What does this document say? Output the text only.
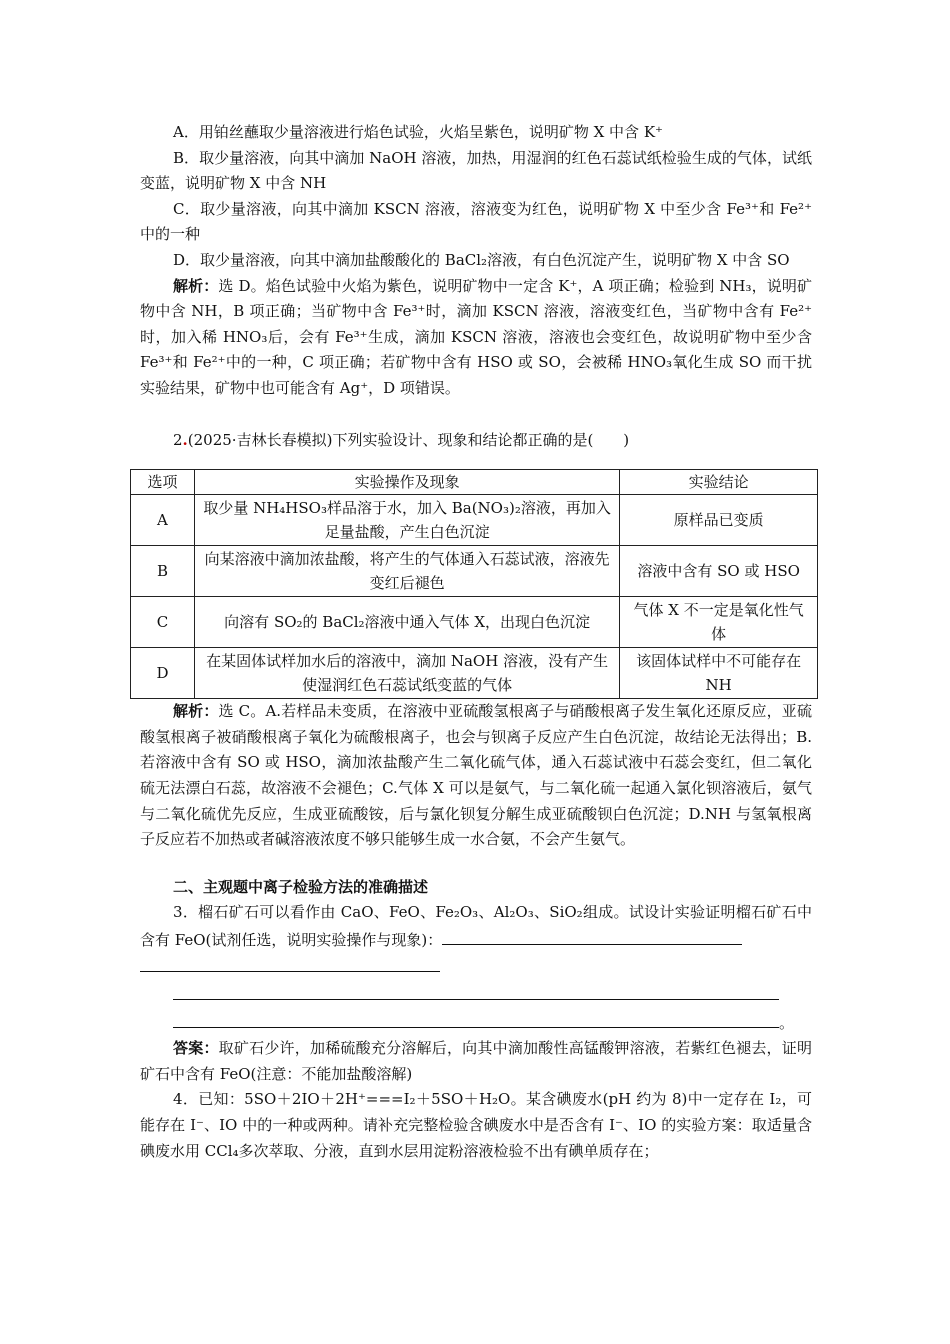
A．用铂丝蘸取少量溶液进行焰色试验，火焰呈紫色，说明矿物 X 中含 K⁺

B．取少量溶液，向其中滴加 NaOH 溶液，加热，用湿润的红色石蕊试纸检验生成的气体，试纸变蓝，说明矿物 X 中含 NH

C．取少量溶液，向其中滴加 KSCN 溶液，溶液变为红色，说明矿物 X 中至少含 Fe³⁺和 Fe²⁺中的一种

D．取少量溶液，向其中滴加盐酸酸化的 BaCl₂溶液，有白色沉淀产生，说明矿物 X 中含 SO

解析：选 D。焰色试验中火焰为紫色，说明矿物中一定含 K⁺，A 项正确；检验到 NH₃，说明矿物中含 NH，B 项正确；当矿物中含 Fe³⁺时，滴加 KSCN 溶液，溶液变红色，当矿物中含有 Fe²⁺时，加入稀 HNO₃后，会有 Fe³⁺生成，滴加 KSCN 溶液，溶液也会变红色，故说明矿物中至少含 Fe³⁺和 Fe²⁺中的一种，C 项正确；若矿物中含有 HSO 或 SO，会被稀 HNO₃氧化生成 SO 而干扰实验结果，矿物中也可能含有 Ag⁺，D 项错误。

2.(2025·吉林长春模拟)下列实验设计、现象和结论都正确的是(　　)

选项	实验操作及现象	实验结论
A	取少量 NH₄HSO₃样品溶于水，加入 Ba(NO₃)₂溶液，再加入足量盐酸，产生白色沉淀	原样品已变质
B	向某溶液中滴加浓盐酸，将产生的气体通入石蕊试液，溶液先变红后褪色	溶液中含有 SO 或 HSO
C	向溶有 SO₂的 BaCl₂溶液中通入气体 X，出现白色沉淀	气体 X 不一定是氧化性气体
D	在某固体试样加水后的溶液中，滴加 NaOH 溶液，没有产生使湿润红色石蕊试纸变蓝的气体	该固体试样中不可能存在 NH

解析：选 C。A.若样品未变质，在溶液中亚硫酸氢根离子与硝酸根离子发生氧化还原反应，亚硫酸氢根离子被硝酸根离子氧化为硫酸根离子，也会与钡离子反应产生白色沉淀，故结论无法得出；B.若溶液中含有 SO 或 HSO，滴加浓盐酸产生二氧化硫气体，通入石蕊试液中石蕊会变红，但二氧化硫无法漂白石蕊，故溶液不会褪色；C.气体 X 可以是氨气，与二氧化硫一起通入氯化钡溶液后，氨气与二氧化硫优先反应，生成亚硫酸铵，后与氯化钡复分解生成亚硫酸钡白色沉淀；D.NH 与氢氧根离子反应若不加热或者碱溶液浓度不够只能够生成一水合氨，不会产生氨气。

二、主观题中离子检验方法的准确描述

3．榴石矿石可以看作由 CaO、FeO、Fe₂O₃、Al₂O₃、SiO₂组成。试设计实验证明榴石矿石中含有 FeO(试剂任选，说明实验操作与现象)：

。

答案：取矿石少许，加稀硫酸充分溶解后，向其中滴加酸性高锰酸钾溶液，若紫红色褪去，证明矿石中含有 FeO(注意：不能加盐酸溶解)

4．已知：5SO＋2IO＋2H⁺===I₂＋5SO＋H₂O。某含碘废水(pH 约为 8)中一定存在 I₂，可能存在 I⁻、IO 中的一种或两种。请补充完整检验含碘废水中是否含有 I⁻、IO 的实验方案：取适量含碘废水用 CCl₄多次萃取、分液，直到水层用淀粉溶液检验不出有碘单质存在；
